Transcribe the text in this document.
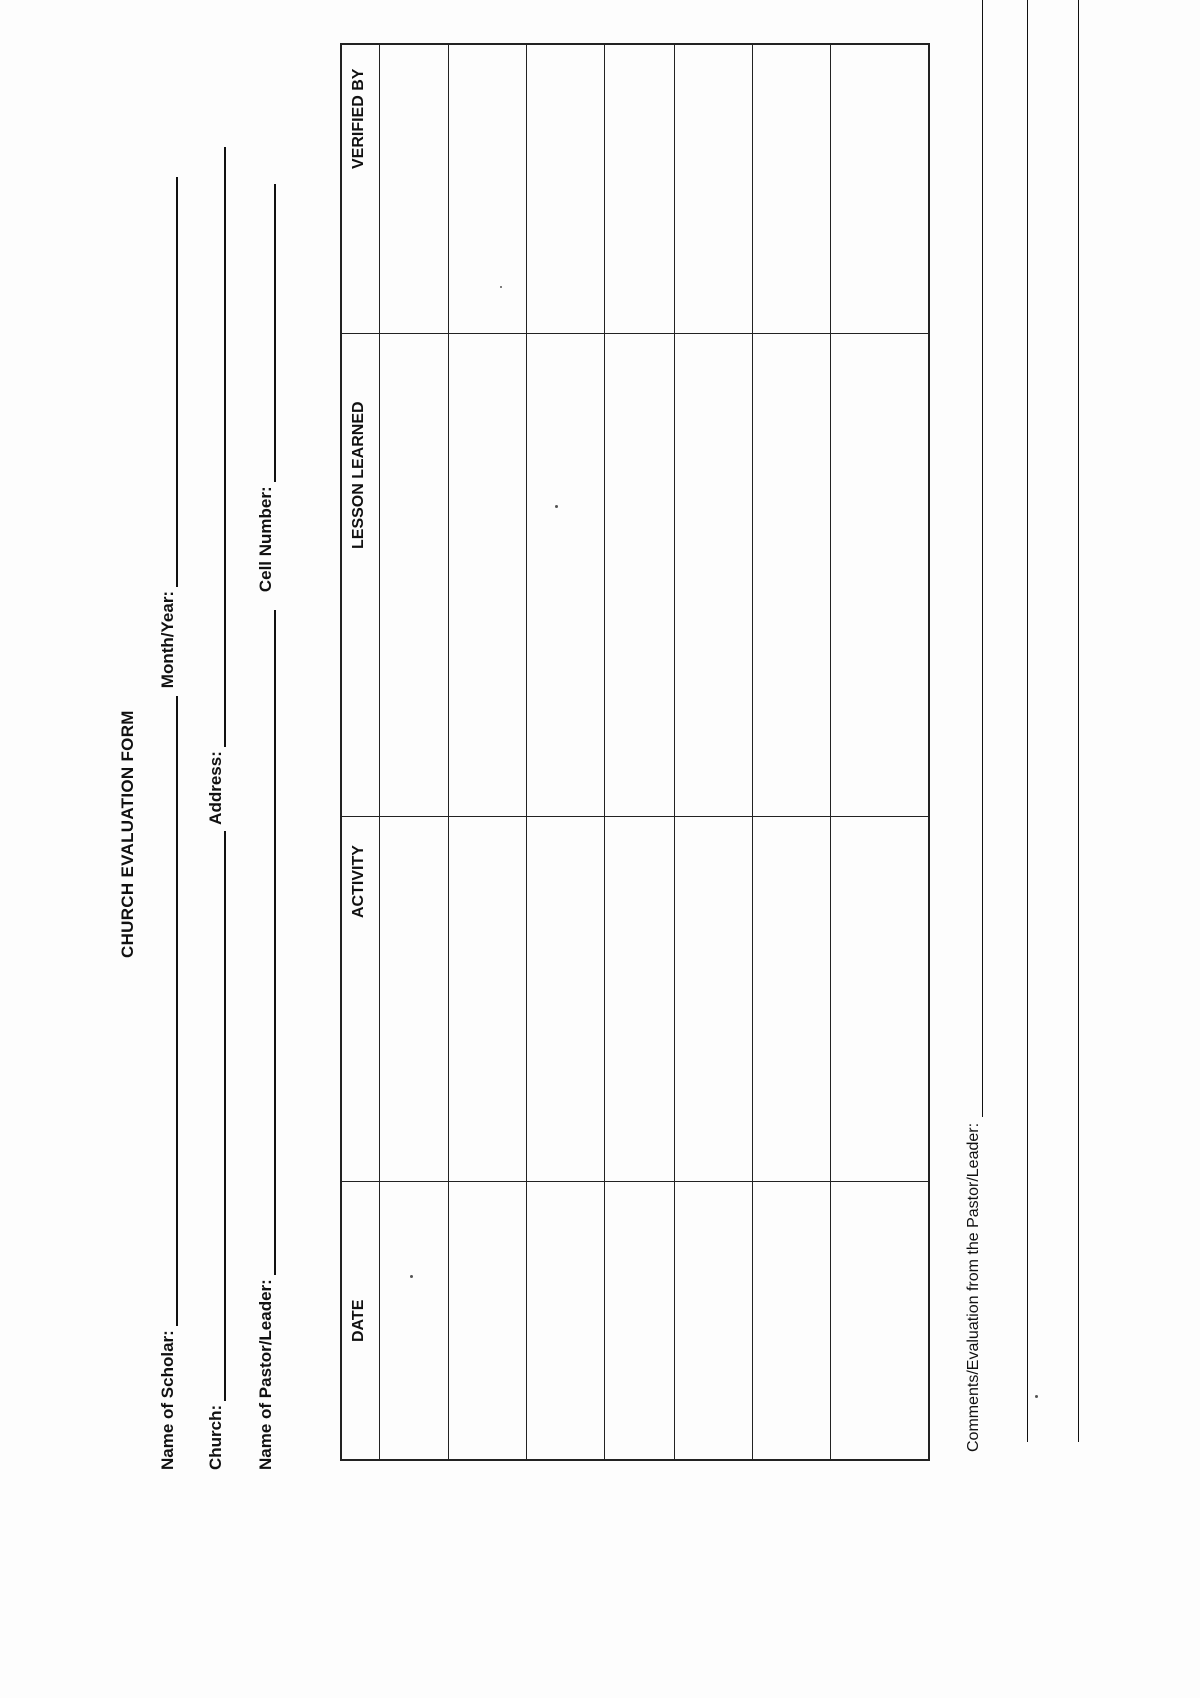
CHURCH EVALUATION FORM
Name of Scholar:
Month/Year:
Church:
Address:
Name of Pastor/Leader:
Cell Number:
DATE
ACTIVITY
LESSON LEARNED
VERIFIED BY
Comments/Evaluation from the Pastor/Leader:
